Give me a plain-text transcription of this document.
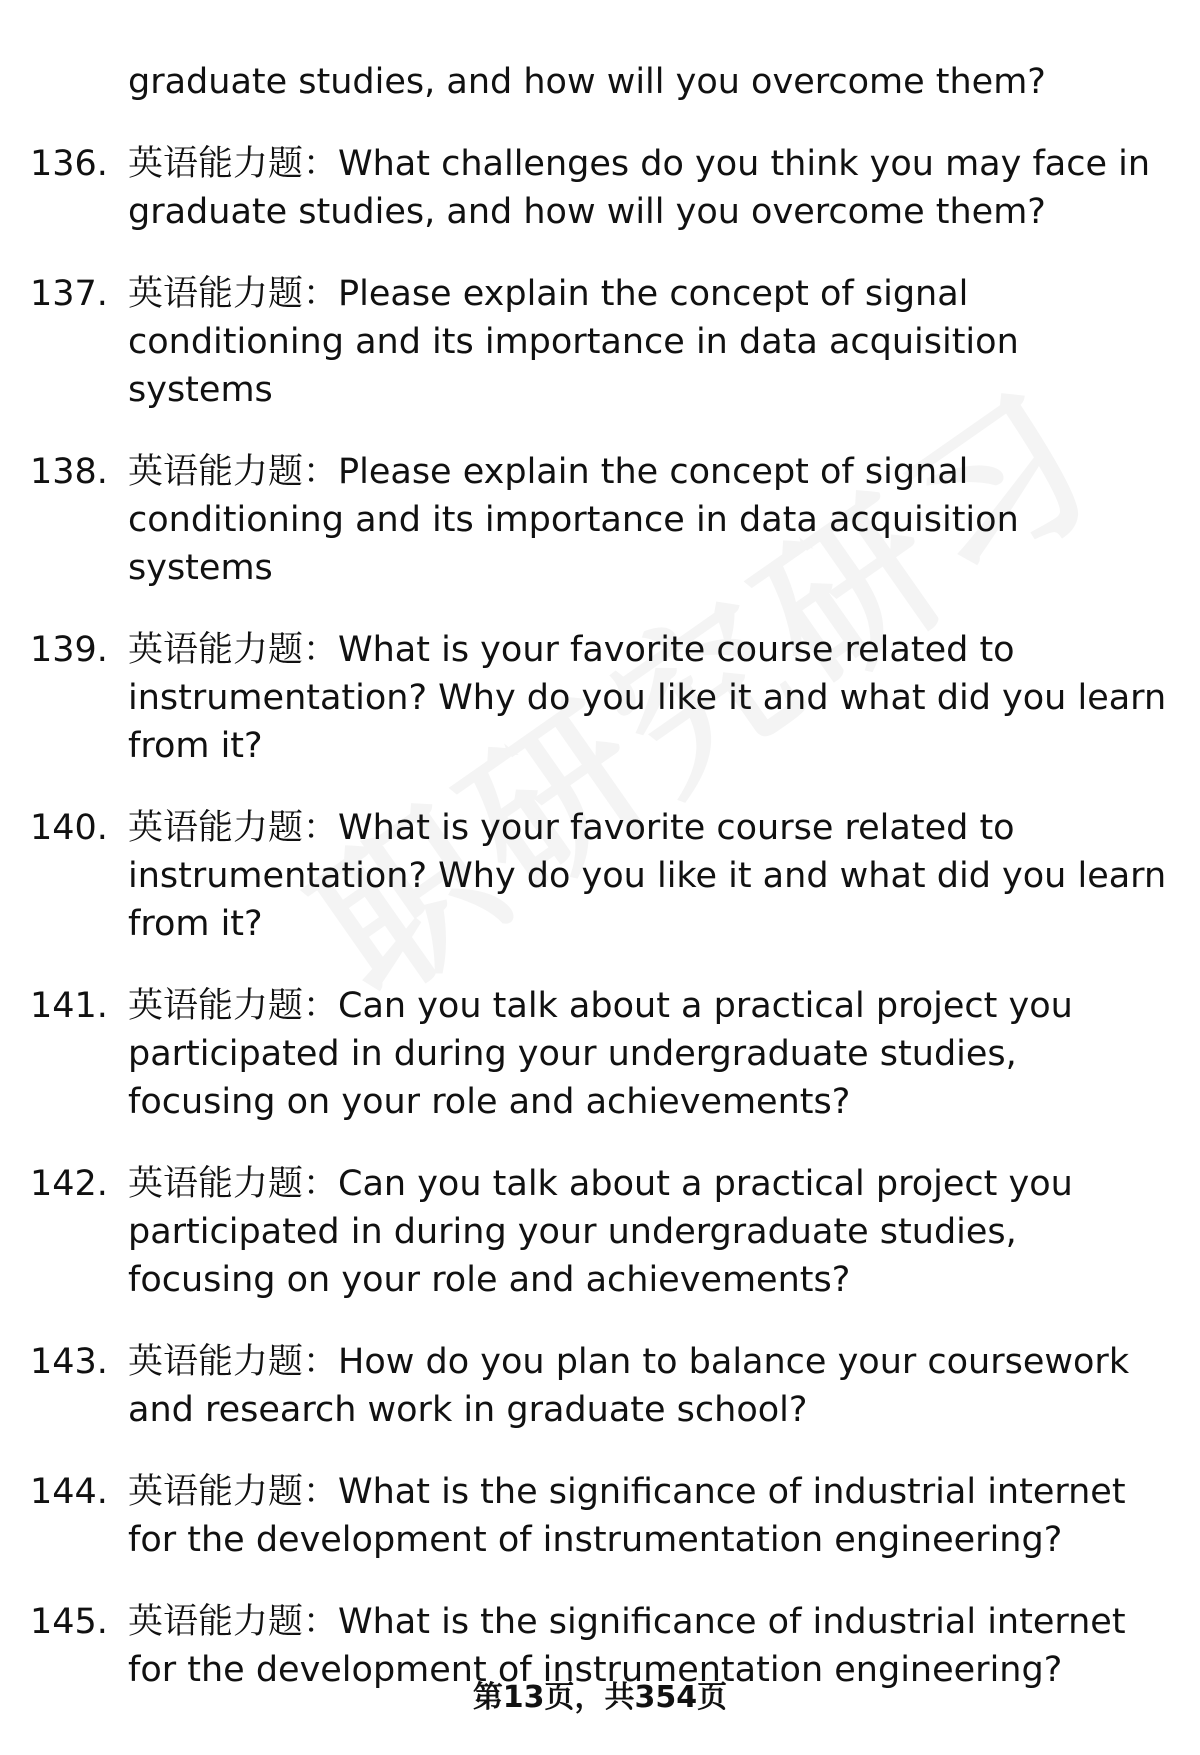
graduate studies, and how will you overcome them?
136. 英语能力题：What challenges do you think you may face in graduate studies, and how will you overcome them?
137. 英语能力题：Please explain the concept of signal conditioning and its importance in data acquisition systems
138. 英语能力题：Please explain the concept of signal conditioning and its importance in data acquisition systems
139. 英语能力题：What is your favorite course related to instrumentation? Why do you like it and what did you learn from it?
140. 英语能力题：What is your favorite course related to instrumentation? Why do you like it and what did you learn from it?
141. 英语能力题：Can you talk about a practical project you participated in during your undergraduate studies, focusing on your role and achievements?
142. 英语能力题：Can you talk about a practical project you participated in during your undergraduate studies, focusing on your role and achievements?
143. 英语能力题：How do you plan to balance your coursework and research work in graduate school?
144. 英语能力题：What is the significance of industrial internet for the development of instrumentation engineering?
145. 英语能力题：What is the significance of industrial internet for the development of instrumentation engineering?
第13页，共354页
